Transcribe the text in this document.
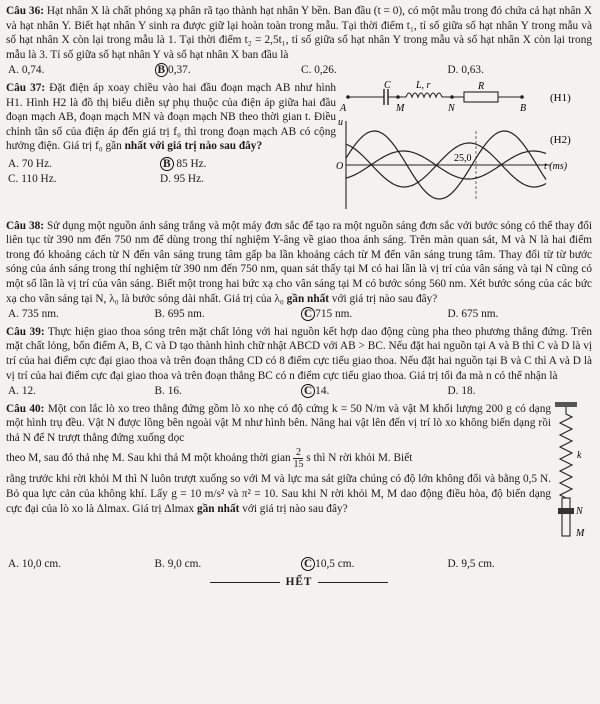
Câu 36: Hạt nhân X là chất phóng xạ phân rã tạo thành hạt nhân Y bền. Ban đầu (t = 0), có một mẫu trong đó chứa cả hạt nhân X và hạt nhân Y. Biết hạt nhân Y sinh ra được giữ lại hoàn toàn trong mẫu. Tại thời điểm t₁, tỉ số giữa số hạt nhân Y trong mẫu và số hạt nhân X còn lại trong mẫu là 1. Tại thời điểm t₂ = 2,5t₁, tỉ số giữa số hạt nhân Y trong mẫu và số hạt nhân X còn lại trong mẫu là 3. Tỉ số giữa số hạt nhân Y và số hạt nhân X ban đầu là
A. 0,74.	B 0,37.	C. 0,26.	D. 0,63.
Câu 37: Đặt điện áp xoay chiều vào hai đầu đoạn mạch AB như hình H1. Hình H2 là đồ thị biểu diễn sự phụ thuộc của điện áp giữa hai đầu đoạn mạch AB, đoạn mạch MN và đoạn mạch NB theo thời gian t. Điều chỉnh tần số của điện áp đến giá trị f₀ thì trong đoạn mạch AB có cộng hưởng điện. Giá trị f₀ gần nhất với giá trị nào sau đây?
A. 70 Hz.	B 85 Hz.
C. 110 Hz.	D. 95 Hz.
C	L, r	R
A	M	N	B
(H1)
u
O
25,0
t (ms)
(H2)
Câu 38: Sử dụng một nguồn ánh sáng trắng và một máy đơn sắc để tạo ra một nguồn sáng đơn sắc với bước sóng có thể thay đổi liên tục từ 390 nm đến 750 nm để dùng trong thí nghiệm Y-âng về giao thoa ánh sáng. Trên màn quan sát, M và N là hai điểm trong đó khoảng cách từ N đến vân sáng trung tâm gấp ba lần khoảng cách từ M đến vân sáng trung tâm. Thay đổi từ từ bước sóng của ánh sáng trong thí nghiệm từ 390 nm đến 750 nm, quan sát thấy tại M có hai lần là vị trí của vân sáng và tại N cũng có một số lần là vị trí của vân sáng. Biết một trong hai bức xạ cho vân sáng tại M có bước sóng 560 nm. Xét bước sóng của các bức xạ cho vân sáng tại N, λ₀ là bước sóng dài nhất. Giá trị của λ₀ gần nhất với giá trị nào sau đây?
A. 735 nm.	B. 695 nm.	C 715 nm.	D. 675 nm.
Câu 39: Thực hiện giao thoa sóng trên mặt chất lỏng với hai nguồn kết hợp dao động cùng pha theo phương thẳng đứng. Trên mặt chất lỏng, bốn điểm A, B, C và D tạo thành hình chữ nhật ABCD với AB > BC. Nếu đặt hai nguồn tại A và B thì C và D là vị trí của hai điểm cực đại giao thoa và trên đoạn thẳng CD có 8 điểm cực tiểu giao thoa. Nếu đặt hai nguồn tại B và C thì A và D là vị trí của hai điểm cực đại giao thoa và trên đoạn thẳng BC có n điểm cực tiểu giao thoa. Giá trị tối đa mà n có thể nhận là
A. 12.	B. 16.	C 14.	D. 18.
Câu 40: Một con lắc lò xo treo thẳng đứng gồm lò xo nhẹ có độ cứng k = 50 N/m và vật M khối lượng 200 g có dạng một hình trụ đều. Vật N được lồng bên ngoài vật M như hình bên. Nâng hai vật lên đến vị trí lò xo không biến dạng rồi thả N để N trượt thẳng đứng xuống dọc
theo M, sau đó thả nhẹ M. Sau khi thả M một khoảng thời gian $\frac{2}{15}$ s thì N rời khỏi M. Biết
rằng trước khi rời khỏi M thì N luôn trượt xuống so với M và lực ma sát giữa chúng có độ lớn không đổi và bằng 0,5 N. Bỏ qua lực cản của không khí. Lấy g = 10 m/s² và π² = 10. Sau khi N rời khỏi M, M dao động điều hòa, độ biến dạng cực đại của lò xo là Δlmax. Giá trị Δlmax gần nhất với giá trị nào sau đây?
k
N
M
A. 10,0 cm.	B. 9,0 cm.	C 10,5 cm.	D. 9,5 cm.
HẾT
